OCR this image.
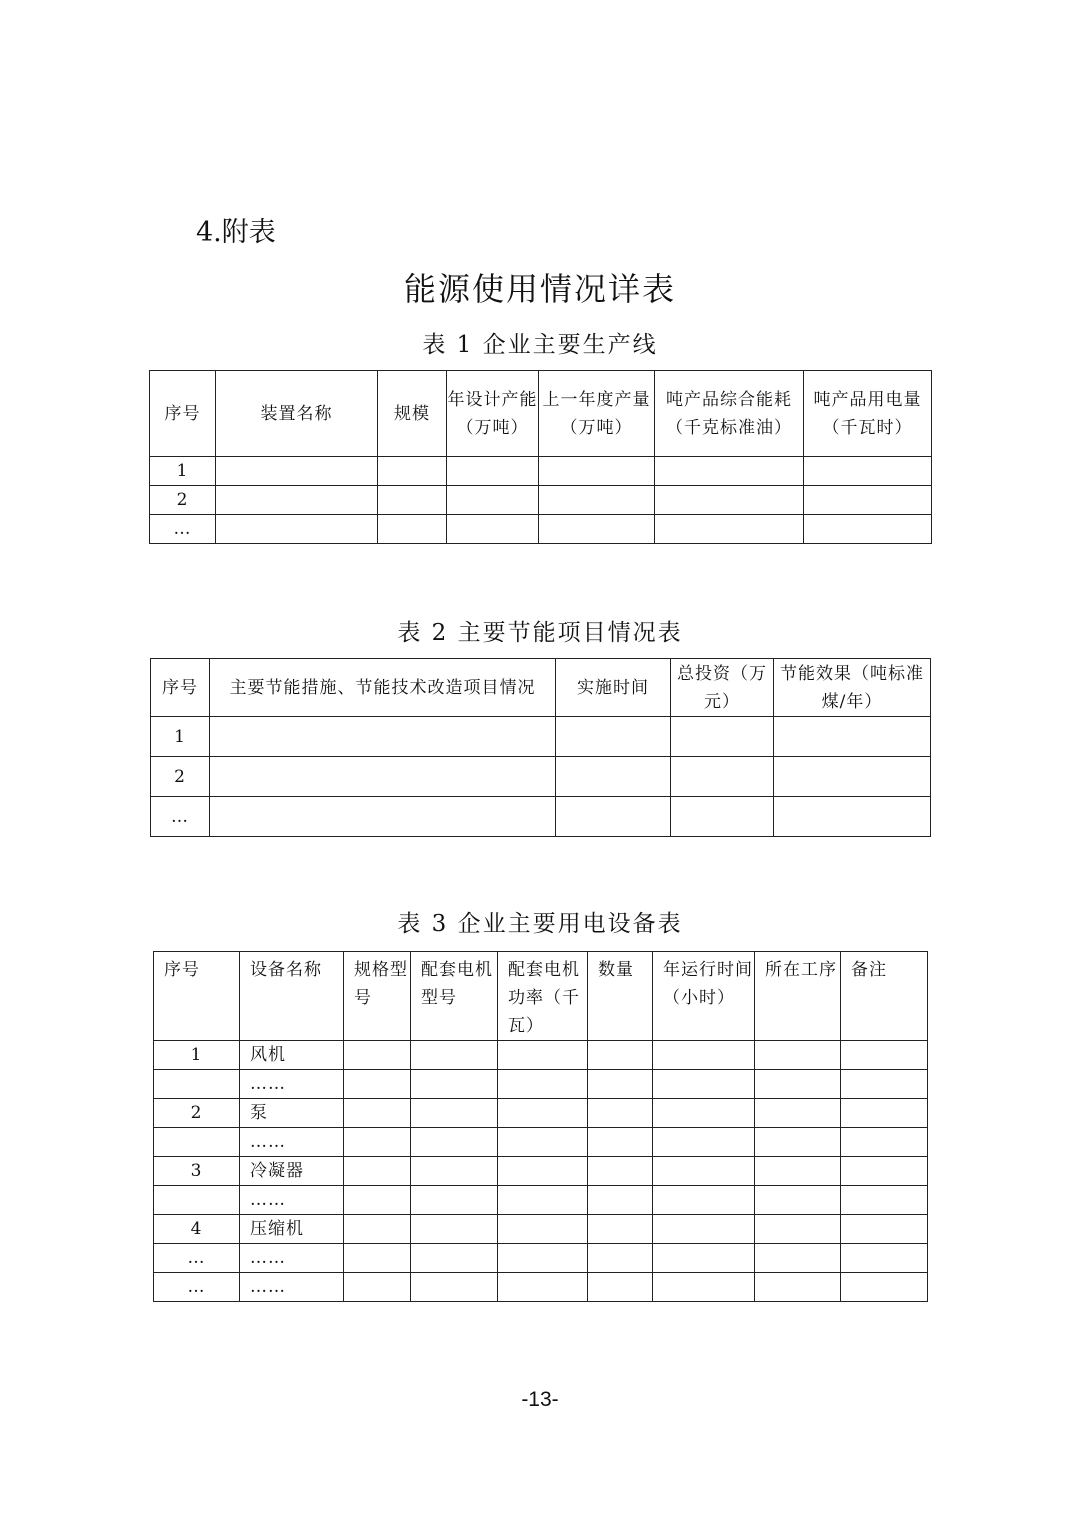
4.附表
能源使用情况详表
表 1 企业主要生产线
序号	装置名称	规模	年设计产能（万吨）	上一年度产量（万吨）	吨产品综合能耗（千克标准油）	吨产品用电量（千瓦时）
1						
2						
…						
表 2 主要节能项目情况表
序号	主要节能措施、节能技术改造项目情况	实施时间	总投资（万元）	节能效果（吨标准煤/年）
1				
2				
…				
表 3 企业主要用电设备表
序号	设备名称	规格型号	配套电机型号	配套电机功率（千瓦）	数量	年运行时间（小时）	所在工序	备注
1	风机							
	……							
2	泵							
	……							
3	冷凝器							
	……							
4	压缩机							
…	……							
…	……							
-13-
